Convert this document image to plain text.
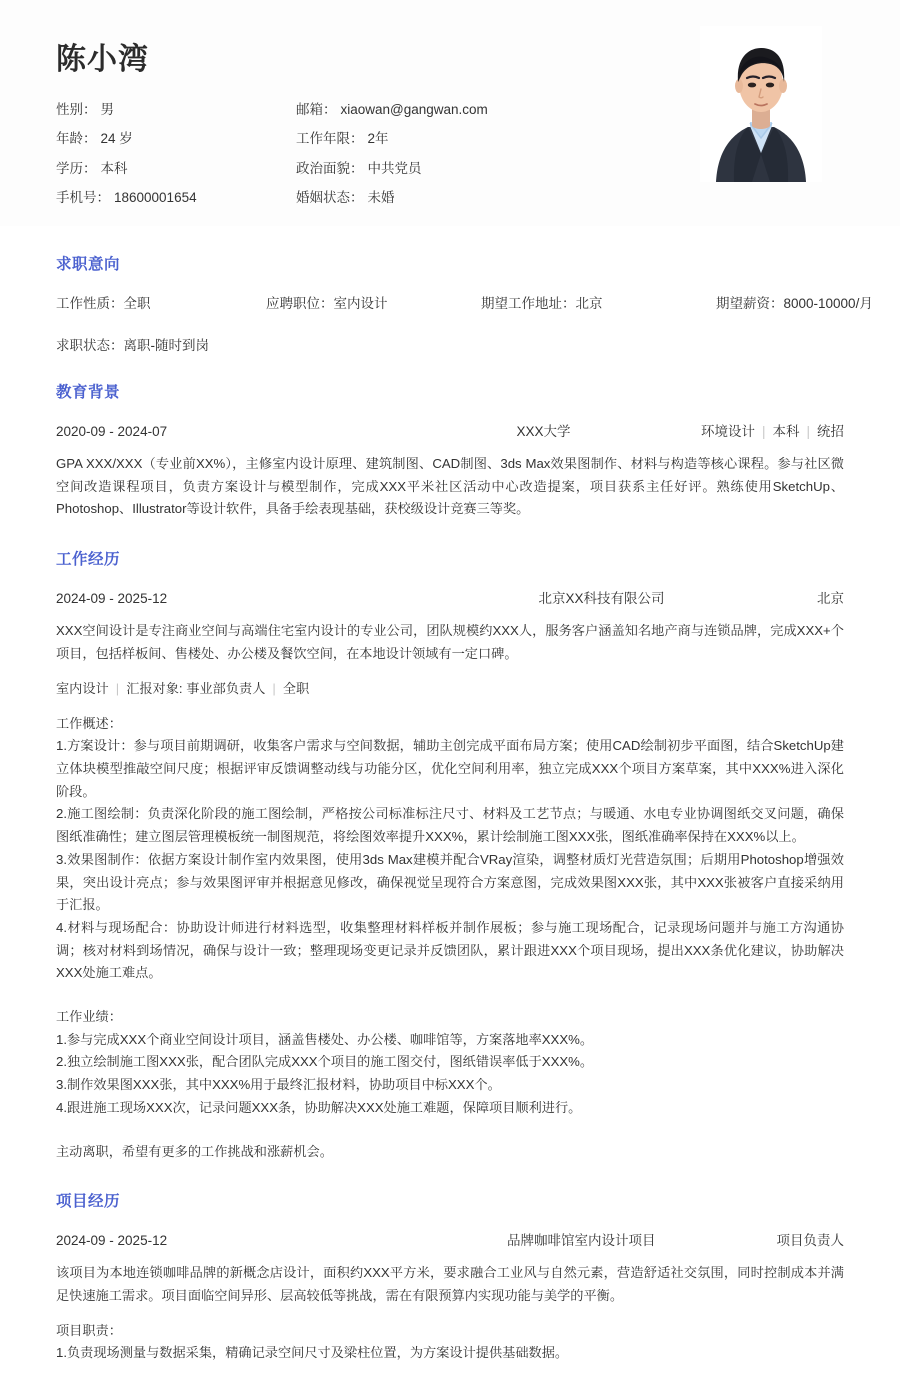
陈小湾
性别： 男	邮箱： xiaowan@gangwan.com
年龄： 24 岁	工作年限： 2年
学历： 本科	政治面貌： 中共党员
手机号： 18600001654	婚姻状态： 未婚
求职意向
工作性质：全职	应聘职位：室内设计	期望工作地址：北京	期望薪资：8000-10000/月
求职状态：离职-随时到岗
教育背景
2020-09 - 2024-07	XXX大学	环境设计 | 本科 | 统招
GPA XXX/XXX（专业前XX%），主修室内设计原理、建筑制图、CAD制图、3ds Max效果图制作、材料与构造等核心课程。参与社区微空间改造课程项目，负责方案设计与模型制作，完成XXX平米社区活动中心改造提案，项目获系主任好评。熟练使用SketchUp、Photoshop、Illustrator等设计软件，具备手绘表现基础，获校级设计竞赛三等奖。
工作经历
2024-09 - 2025-12	北京XX科技有限公司	北京
XXX空间设计是专注商业空间与高端住宅室内设计的专业公司，团队规模约XXX人，服务客户涵盖知名地产商与连锁品牌，完成XXX+个项目，包括样板间、售楼处、办公楼及餐饮空间，在本地设计领域有一定口碑。
室内设计 | 汇报对象: 事业部负责人 | 全职

工作概述：

1.方案设计：参与项目前期调研，收集客户需求与空间数据，辅助主创完成平面布局方案；使用CAD绘制初步平面图，结合SketchUp建立体块模型推敲空间尺度；根据评审反馈调整动线与功能分区，优化空间利用率，独立完成XXX个项目方案草案，其中XXX%进入深化阶段。

2.施工图绘制：负责深化阶段的施工图绘制，严格按公司标准标注尺寸、材料及工艺节点；与暖通、水电专业协调图纸交叉问题，确保图纸准确性；建立图层管理模板统一制图规范，将绘图效率提升XXX%，累计绘制施工图XXX张，图纸准确率保持在XXX%以上。

3.效果图制作：依据方案设计制作室内效果图，使用3ds Max建模并配合VRay渲染，调整材质灯光营造氛围；后期用Photoshop增强效果，突出设计亮点；参与效果图评审并根据意见修改，确保视觉呈现符合方案意图，完成效果图XXX张，其中XXX张被客户直接采纳用于汇报。

4.材料与现场配合：协助设计师进行材料选型，收集整理材料样板并制作展板；参与施工现场配合，记录现场问题并与施工方沟通协调；核对材料到场情况，确保与设计一致；整理现场变更记录并反馈团队，累计跟进XXX个项目现场，提出XXX条优化建议，协助解决XXX处施工难点。

工作业绩：

1.参与完成XXX个商业空间设计项目，涵盖售楼处、办公楼、咖啡馆等，方案落地率XXX%。

2.独立绘制施工图XXX张，配合团队完成XXX个项目的施工图交付，图纸错误率低于XXX%。

3.制作效果图XXX张，其中XXX%用于最终汇报材料，协助项目中标XXX个。

4.跟进施工现场XXX次，记录问题XXX条，协助解决XXX处施工难题，保障项目顺利进行。

主动离职，希望有更多的工作挑战和涨薪机会。
项目经历
2024-09 - 2025-12	品牌咖啡馆室内设计项目	项目负责人
该项目为本地连锁咖啡品牌的新概念店设计，面积约XXX平方米，要求融合工业风与自然元素，营造舒适社交氛围，同时控制成本并满足快速施工需求。项目面临空间异形、层高较低等挑战，需在有限预算内实现功能与美学的平衡。

项目职责：

1.负责现场测量与数据采集，精确记录空间尺寸及梁柱位置，为方案设计提供基础数据。
